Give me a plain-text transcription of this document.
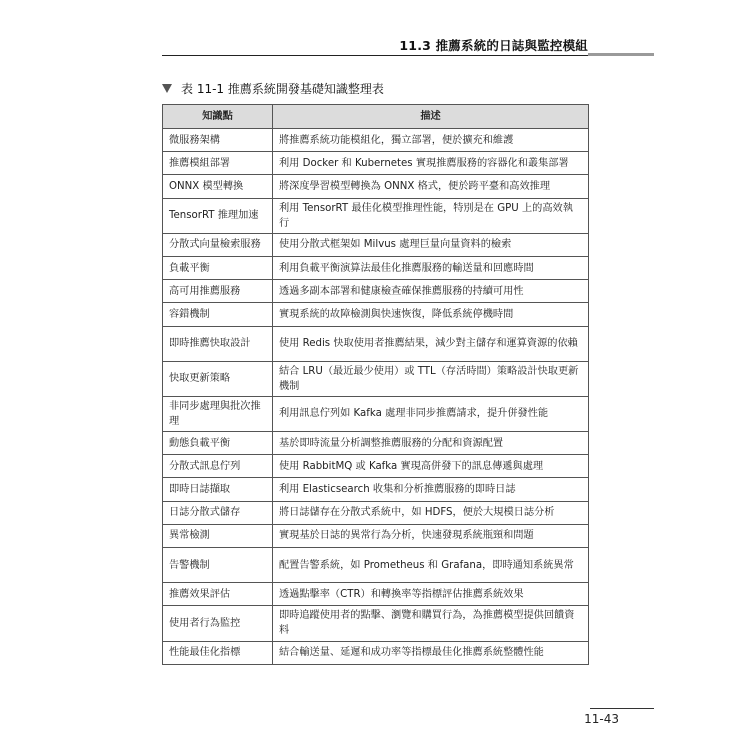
11.3 推薦系統的日誌與監控模組
表 11-1 推薦系統開發基礎知識整理表
知識點	描述
微服務架構	將推薦系統功能模組化，獨立部署，便於擴充和維護
推薦模組部署	利用 Docker 和 Kubernetes 實現推薦服務的容器化和叢集部署
ONNX 模型轉換	將深度學習模型轉換為 ONNX 格式，便於跨平臺和高效推理
TensorRT 推理加速	利用 TensorRT 最佳化模型推理性能，特別是在 GPU 上的高效執行
分散式向量檢索服務	使用分散式框架如 Milvus 處理巨量向量資料的檢索
負載平衡	利用負載平衡演算法最佳化推薦服務的輸送量和回應時間
高可用推薦服務	透過多副本部署和健康檢查確保推薦服務的持續可用性
容錯機制	實現系統的故障檢測與快速恢復，降低系統停機時間
即時推薦快取設計	使用 Redis 快取使用者推薦結果，減少對主儲存和運算資源的依賴
快取更新策略	結合 LRU（最近最少使用）或 TTL（存活時間）策略設計快取更新機制
非同步處理與批次推理	利用訊息佇列如 Kafka 處理非同步推薦請求，提升併發性能
動態負載平衡	基於即時流量分析調整推薦服務的分配和資源配置
分散式訊息佇列	使用 RabbitMQ 或 Kafka 實現高併發下的訊息傳遞與處理
即時日誌擷取	利用 Elasticsearch 收集和分析推薦服務的即時日誌
日誌分散式儲存	將日誌儲存在分散式系統中，如 HDFS，便於大規模日誌分析
異常檢測	實現基於日誌的異常行為分析，快速發現系統瓶頸和問題
告警機制	配置告警系統，如 Prometheus 和 Grafana，即時通知系統異常
推薦效果評估	透過點擊率（CTR）和轉換率等指標評估推薦系統效果
使用者行為監控	即時追蹤使用者的點擊、瀏覽和購買行為，為推薦模型提供回饋資料
性能最佳化指標	結合輸送量、延遲和成功率等指標最佳化推薦系統整體性能
11-43
